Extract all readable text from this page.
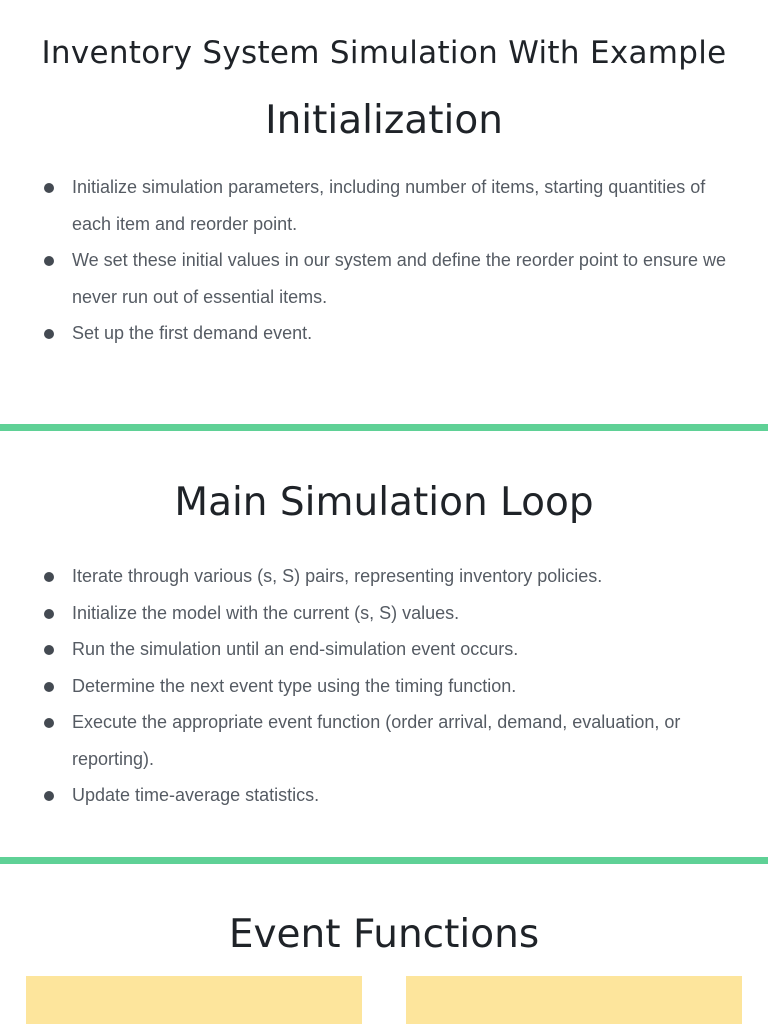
Inventory System Simulation With Example
Initialization
Initialize simulation parameters, including number of items, starting quantities of each item and reorder point.
We set these initial values in our system and define the reorder point to ensure we never run out of essential items.
Set up the first demand event.
Main Simulation Loop
Iterate through various (s, S) pairs, representing inventory policies.
Initialize the model with the current (s, S) values.
Run the simulation until an end-simulation event occurs.
Determine the next event type using the timing function.
Execute the appropriate event function (order arrival, demand, evaluation, or reporting).
Update time-average statistics.
Event Functions
